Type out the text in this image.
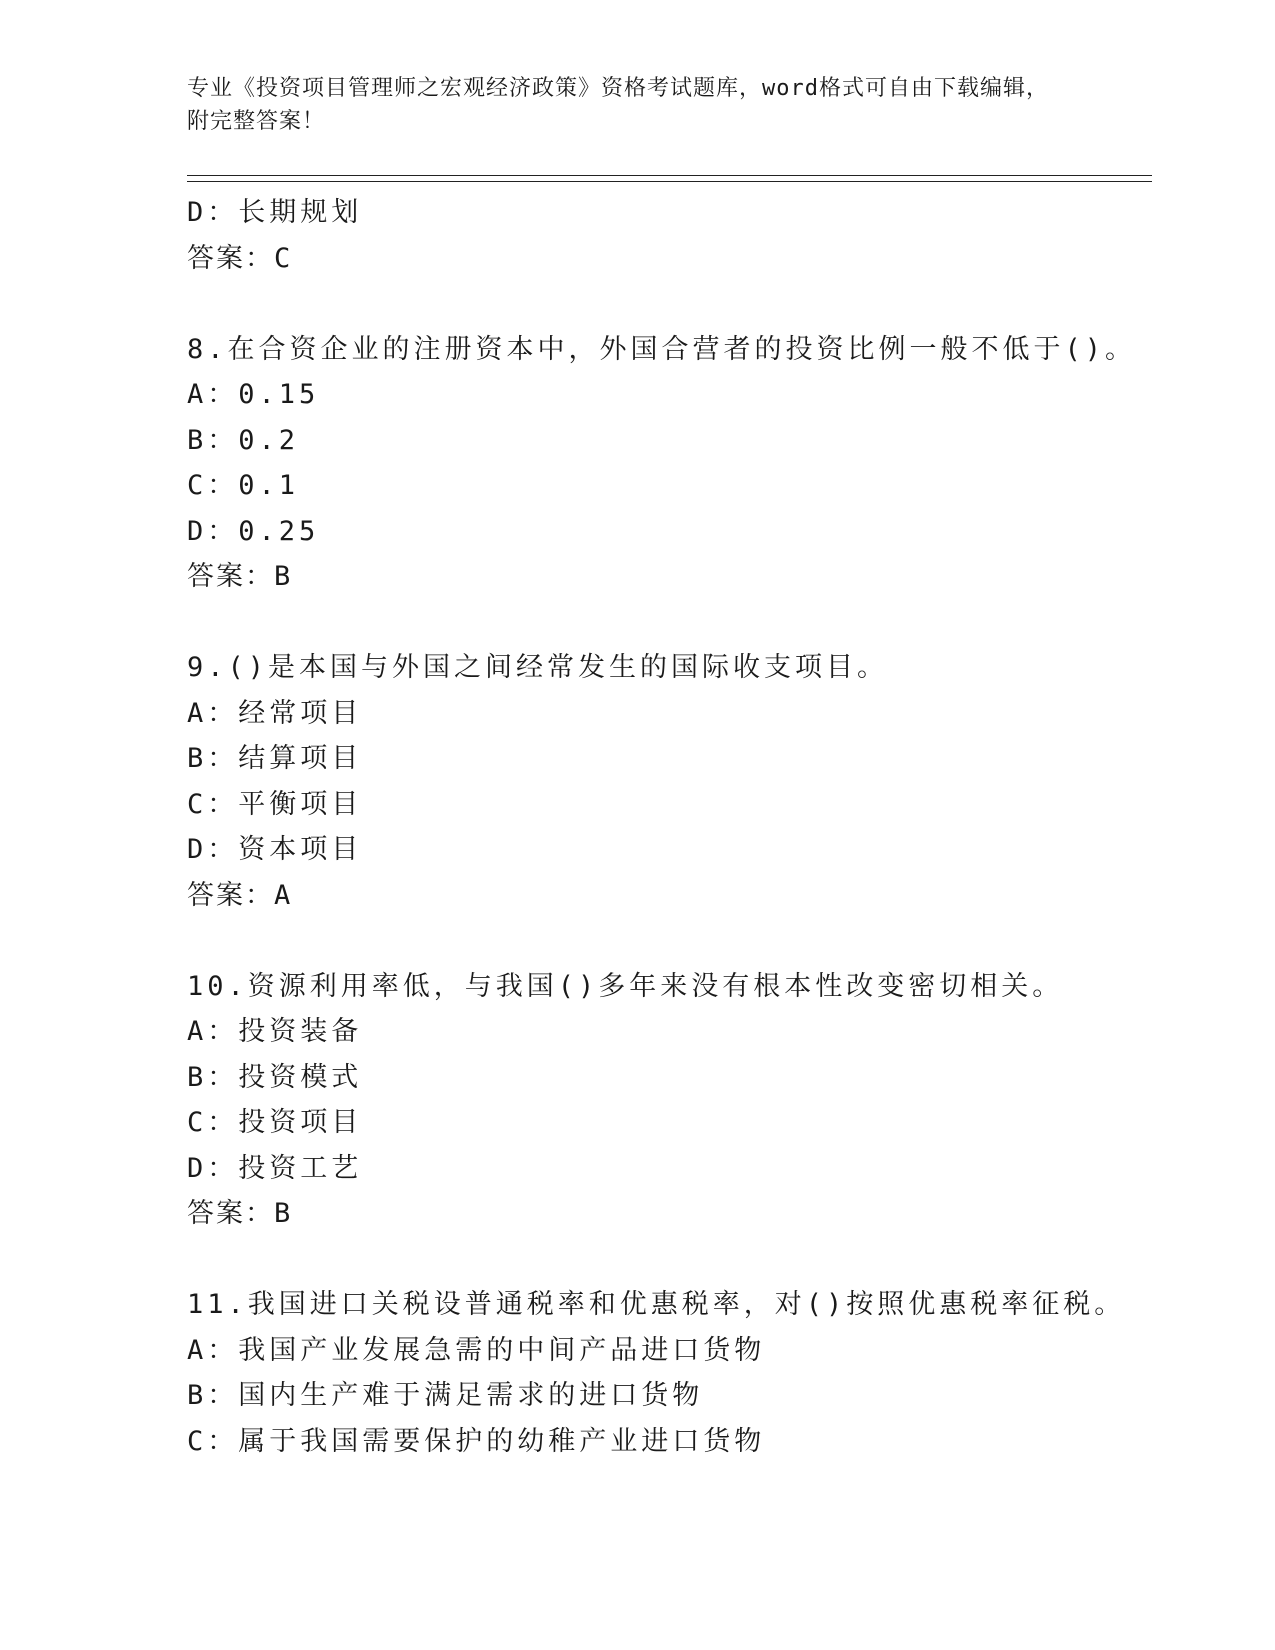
专业《投资项目管理师之宏观经济政策》资格考试题库，word格式可自由下载编辑，附完整答案！
D：长期规划
答案：C
8.在合资企业的注册资本中，外国合营者的投资比例一般不低于()。
A：0.15
B：0.2
C：0.1
D：0.25
答案：B
9.()是本国与外国之间经常发生的国际收支项目。
A：经常项目
B：结算项目
C：平衡项目
D：资本项目
答案：A
10.资源利用率低，与我国()多年来没有根本性改变密切相关。
A：投资装备
B：投资模式
C：投资项目
D：投资工艺
答案：B
11.我国进口关税设普通税率和优惠税率，对()按照优惠税率征税。
A：我国产业发展急需的中间产品进口货物
B：国内生产难于满足需求的进口货物
C：属于我国需要保护的幼稚产业进口货物
